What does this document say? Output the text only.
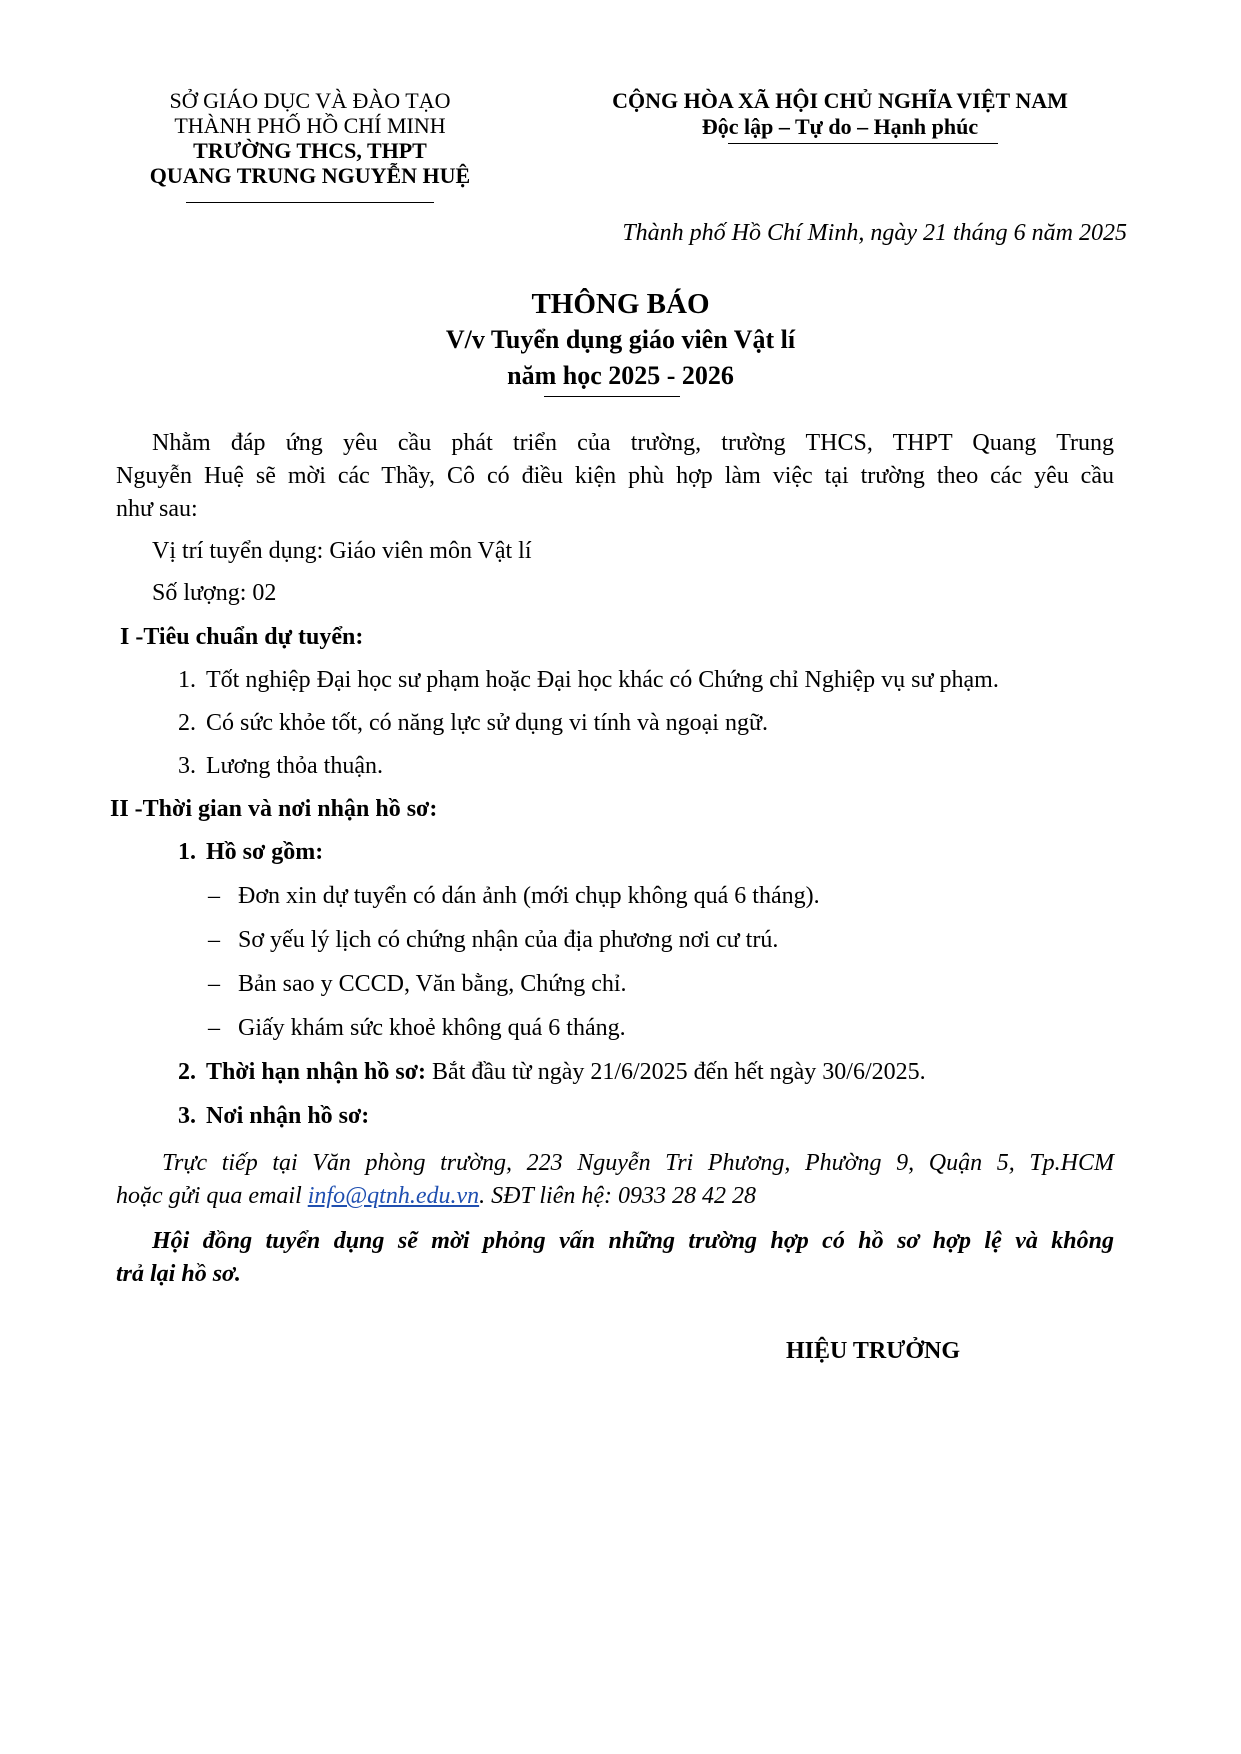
SỞ GIÁO DỤC VÀ ĐÀO TẠO
THÀNH PHỐ HỒ CHÍ MINH
TRƯỜNG THCS, THPT
QUANG TRUNG NGUYỄN HUỆ
CỘNG HÒA XÃ HỘI CHỦ NGHĨA VIỆT NAM
Độc lập – Tự do – Hạnh phúc
Thành phố Hồ Chí Minh, ngày 21 tháng 6 năm 2025
THÔNG BÁO
V/v Tuyển dụng giáo viên Vật lí
năm học 2025 - 2026
Nhằm đáp ứng yêu cầu phát triển của trường, trường THCS, THPT Quang Trung
Nguyễn Huệ sẽ mời các Thầy, Cô có điều kiện phù hợp làm việc tại trường theo các yêu cầu
như sau:
Vị trí tuyển dụng: Giáo viên môn Vật lí
Số lượng: 02
I -Tiêu chuẩn dự tuyển:
1. Tốt nghiệp Đại học sư phạm hoặc Đại học khác có Chứng chỉ Nghiệp vụ sư phạm.
2. Có sức khỏe tốt, có năng lực sử dụng vi tính và ngoại ngữ.
3. Lương thỏa thuận.
II -Thời gian và nơi nhận hồ sơ:
1. Hồ sơ gồm:
– Đơn xin dự tuyển có dán ảnh (mới chụp không quá 6 tháng).
– Sơ yếu lý lịch có chứng nhận của địa phương nơi cư trú.
– Bản sao y CCCD, Văn bằng, Chứng chỉ.
– Giấy khám sức khoẻ không quá 6 tháng.
2. Thời hạn nhận hồ sơ: Bắt đầu từ ngày 21/6/2025 đến hết ngày 30/6/2025.
3. Nơi nhận hồ sơ:
Trực tiếp tại Văn phòng trường, 223 Nguyễn Tri Phương, Phường 9, Quận 5, Tp.HCM
hoặc gửi qua email info@qtnh.edu.vn. SĐT liên hệ: 0933 28 42 28
Hội đồng tuyển dụng sẽ mời phỏng vấn những trường hợp có hồ sơ hợp lệ và không
trả lại hồ sơ.
HIỆU TRƯỞNG
